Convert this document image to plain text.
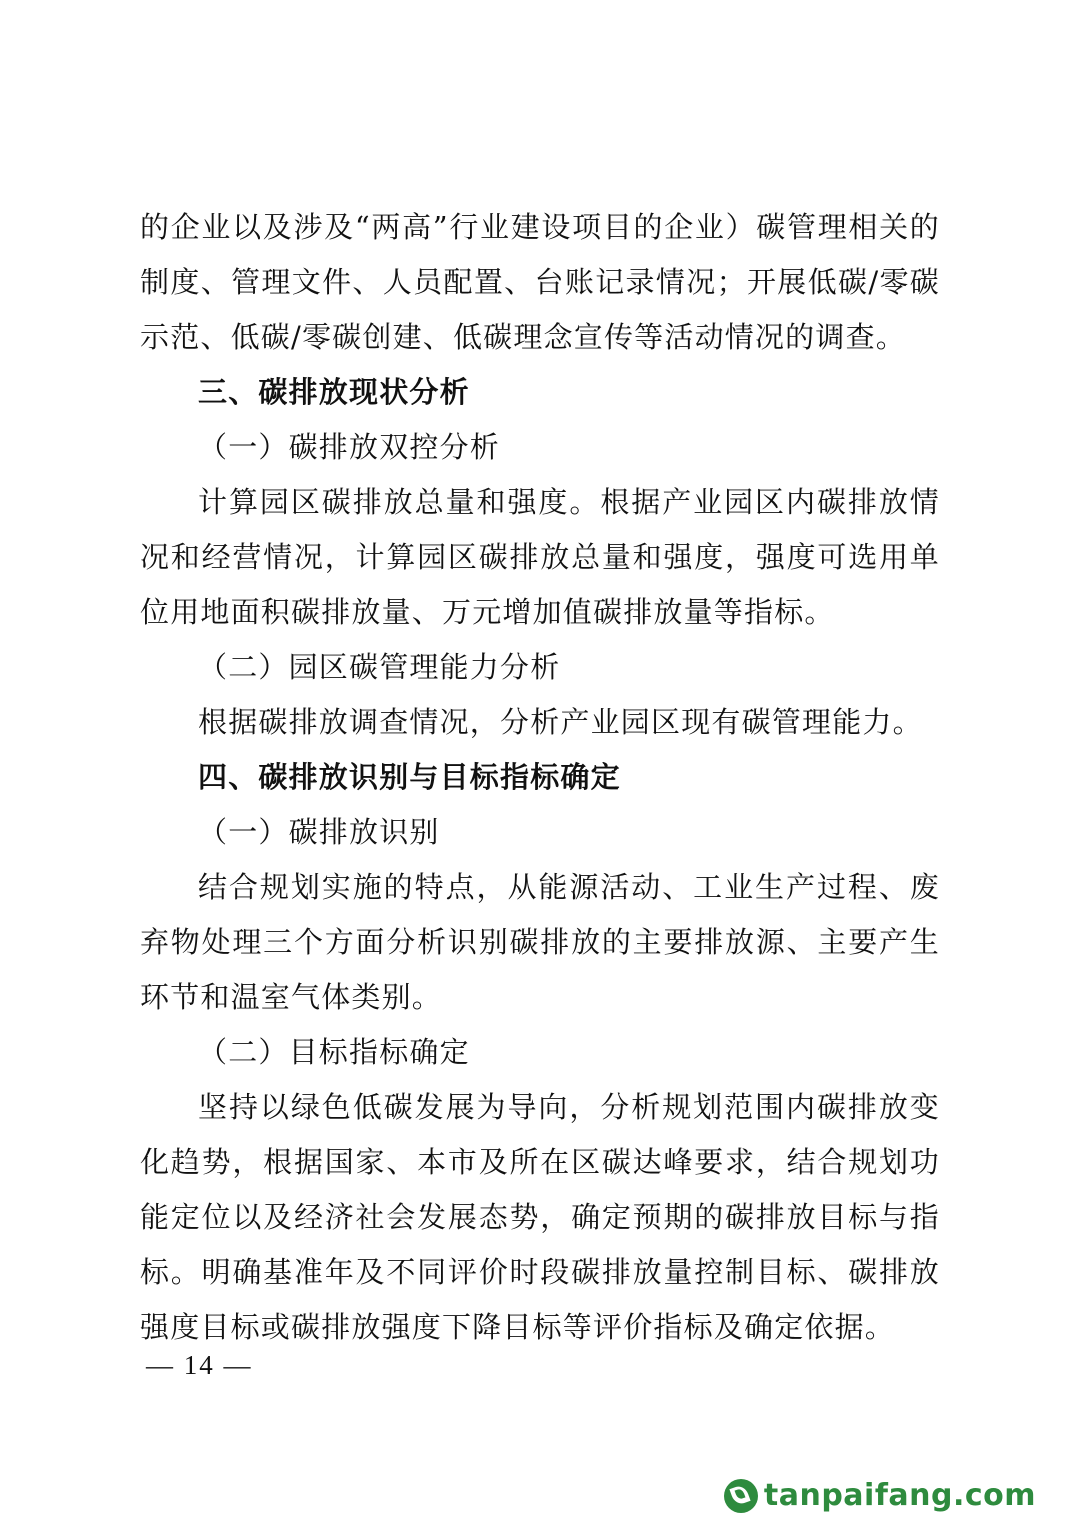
的企业以及涉及“两高”行业建设项目的企业）碳管理相关的制度、管理文件、人员配置、台账记录情况；开展低碳/零碳示范、低碳/零碳创建、低碳理念宣传等活动情况的调查。

三、碳排放现状分析

（一）碳排放双控分析

计算园区碳排放总量和强度。根据产业园区内碳排放情况和经营情况，计算园区碳排放总量和强度，强度可选用单位用地面积碳排放量、万元增加值碳排放量等指标。

（二）园区碳管理能力分析

根据碳排放调查情况，分析产业园区现有碳管理能力。

四、碳排放识别与目标指标确定

（一）碳排放识别

结合规划实施的特点，从能源活动、工业生产过程、废弃物处理三个方面分析识别碳排放的主要排放源、主要产生环节和温室气体类别。

（二）目标指标确定

坚持以绿色低碳发展为导向，分析规划范围内碳排放变化趋势，根据国家、本市及所在区碳达峰要求，结合规划功能定位以及经济社会发展态势，确定预期的碳排放目标与指标。明确基准年及不同评价时段碳排放量控制目标、碳排放强度目标或碳排放强度下降目标等评价指标及确定依据。

— 14 —
tanpaifang.com
